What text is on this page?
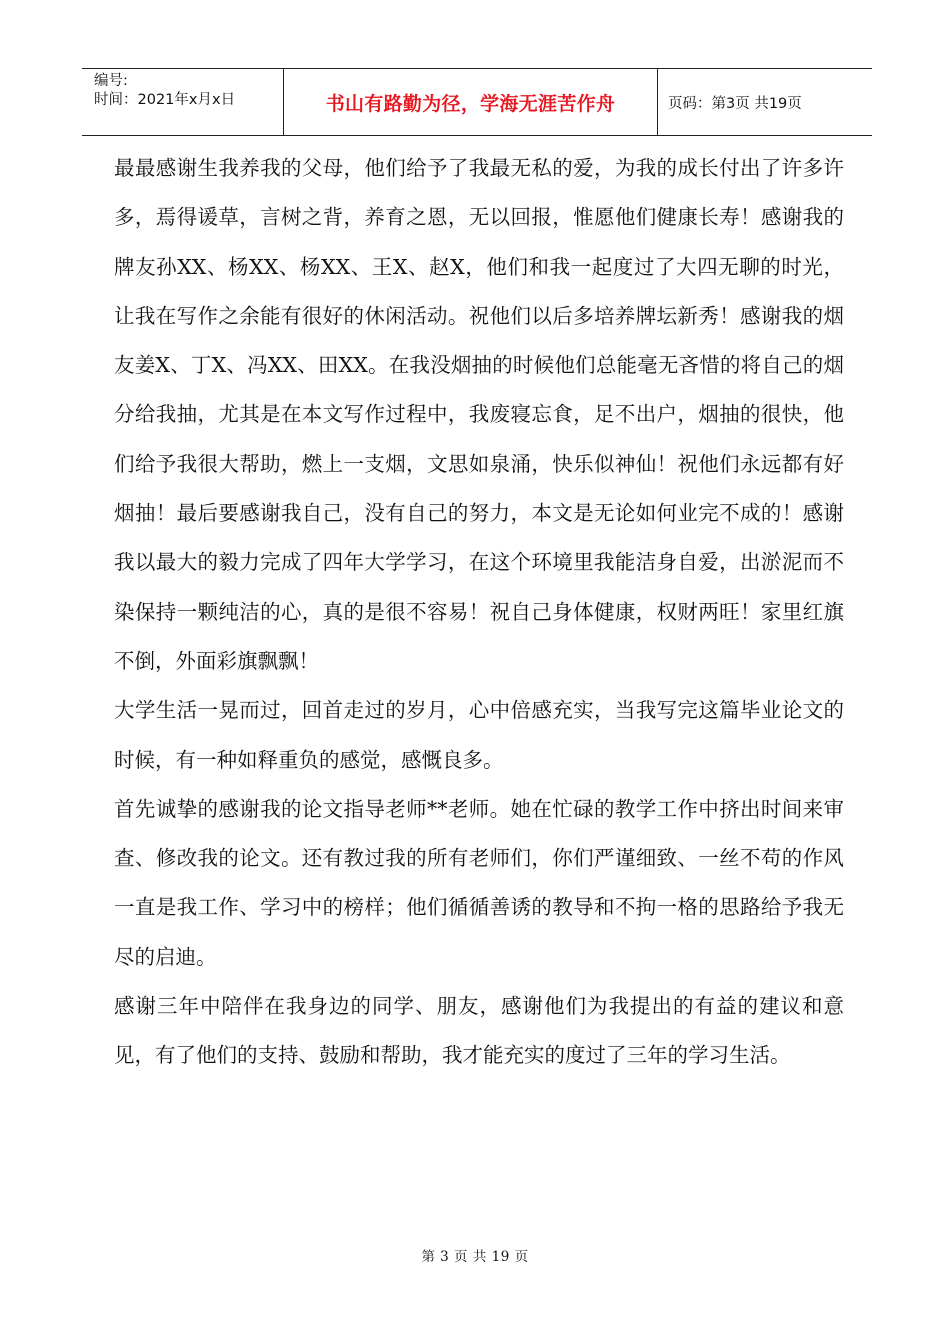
编号:
时间：2021年x月x日	书山有路勤为径，学海无涯苦作舟	页码：第3页 共19页

最最感谢生我养我的父母，他们给予了我最无私的爱，为我的成长付出了许多许多，焉得谖草，言树之背，养育之恩，无以回报，惟愿他们健康长寿！感谢我的牌友孙XX、杨XX、杨XX、王X、赵X，他们和我一起度过了大四无聊的时光，让我在写作之余能有很好的休闲活动。祝他们以后多培养牌坛新秀！感谢我的烟友姜X、丁X、冯XX、田XX。在我没烟抽的时候他们总能毫无吝惜的将自己的烟分给我抽，尤其是在本文写作过程中，我废寝忘食，足不出户，烟抽的很快，他们给予我很大帮助，燃上一支烟，文思如泉涌，快乐似神仙！祝他们永远都有好烟抽！最后要感谢我自己，没有自己的努力，本文是无论如何业完不成的！感谢我以最大的毅力完成了四年大学学习，在这个环境里我能洁身自爱，出淤泥而不染保持一颗纯洁的心，真的是很不容易！祝自己身体健康，权财两旺！家里红旗不倒，外面彩旗飘飘！

大学生活一晃而过，回首走过的岁月，心中倍感充实，当我写完这篇毕业论文的时候，有一种如释重负的感觉，感慨良多。

首先诚挚的感谢我的论文指导老师**老师。她在忙碌的教学工作中挤出时间来审查、修改我的论文。还有教过我的所有老师们，你们严谨细致、一丝不苟的作风一直是我工作、学习中的榜样；他们循循善诱的教导和不拘一格的思路给予我无尽的启迪。

感谢三年中陪伴在我身边的同学、朋友，感谢他们为我提出的有益的建议和意见，有了他们的支持、鼓励和帮助，我才能充实的度过了三年的学习生活。

第 3 页 共 19 页
